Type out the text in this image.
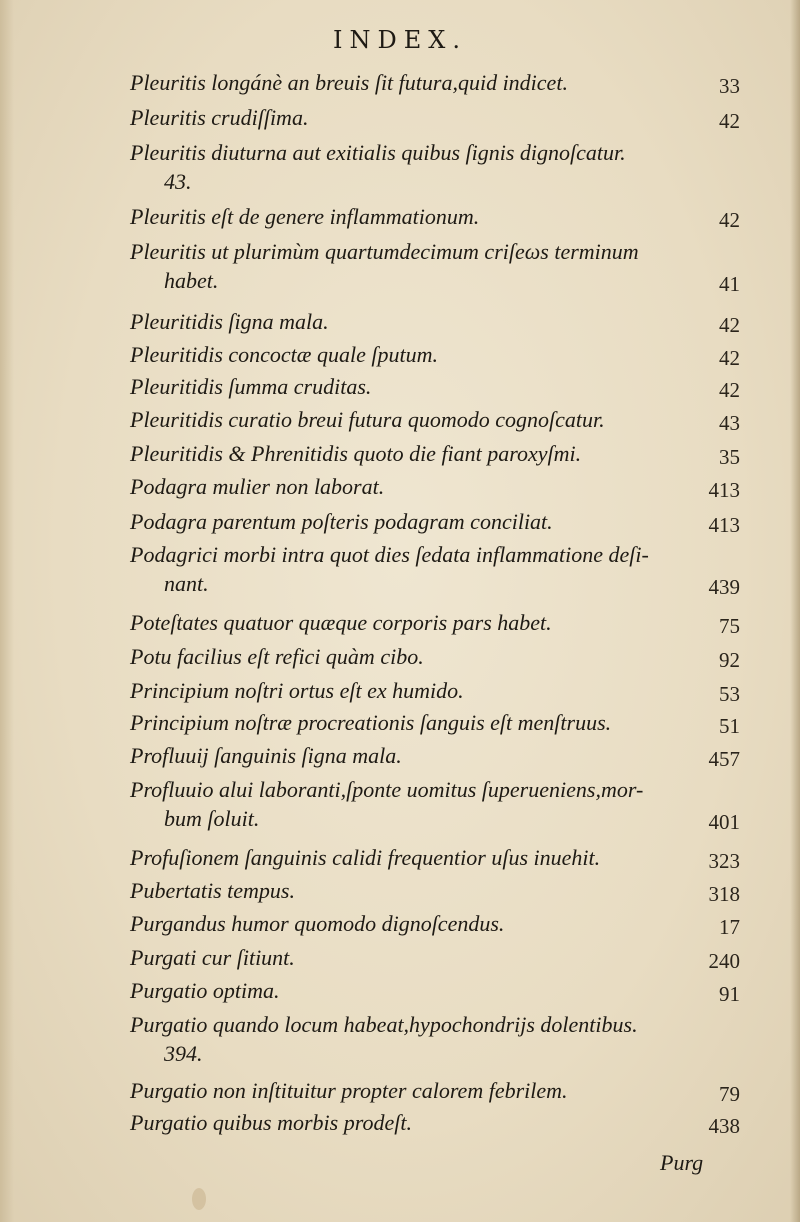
INDEX.
Pleuritis longánè an breuis ſit futura,quid indicet.	33
Pleuritis crudiſſima.	42
Pleuritis diuturna aut exitialis quibus ſignis dignoſcatur.
43.
Pleuritis eſt de genere inflammationum.	42
Pleuritis ut plurimùm quartumdecimum criſeωs terminum
habet.	41
Pleuritidis ſigna mala.	42
Pleuritidis concoctæ quale ſputum.	42
Pleuritidis ſumma cruditas.	42
Pleuritidis curatio breui futura quomodo cognoſcatur.	43
Pleuritidis & Phrenitidis quoto die fiant paroxyſmi.	35
Podagra mulier non laborat.	413
Podagra parentum poſteris podagram conciliat.	413
Podagrici morbi intra quot dies ſedata inflammatione deſi-
nant.	439
Poteſtates quatuor quæque corporis pars habet.	75
Potu facilius eſt refici quàm cibo.	92
Principium noſtri ortus eſt ex humido.	53
Principium noſtræ procreationis ſanguis eſt menſtruus.	51
Profluuij ſanguinis ſigna mala.	457
Profluuio alui laboranti,ſponte uomitus ſuperueniens,mor-
bum ſoluit.	401
Profuſionem ſanguinis calidi frequentior uſus inuehit.	323
Pubertatis tempus.	318
Purgandus humor quomodo dignoſcendus.	17
Purgati cur ſitiunt.	240
Purgatio optima.	91
Purgatio quando locum habeat,hypochondrijs dolentibus.
394.
Purgatio non inſtituitur propter calorem febrilem.	79
Purgatio quibus morbis prodeſt.	438
Purg
